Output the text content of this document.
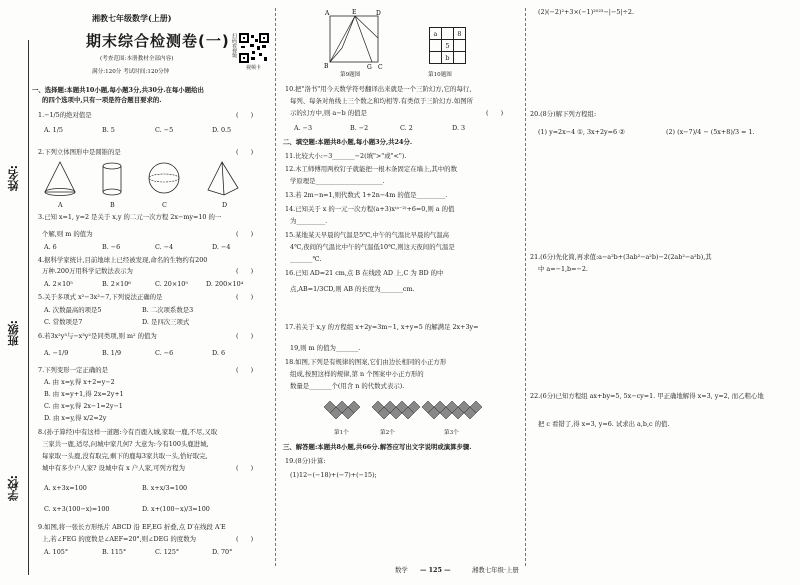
姓名:
班级:
学校:
湘教七年级数学(上册)
期末综合检测卷(一)
(考查范围:本册教材全部内容)
满分:120分 考试时间:120分钟
扫码看视频
视频卡
一、选择题:本题共10小题,每小题3分,共30分.在每小题给出
的四个选项中,只有一项是符合题目要求的.
1.−1/5的绝对值是	(      )
A. 1/5	B. 5	C. −5	D. 0.5
2.下列立体图形中是圆锥的是	(      )
A	B	C	D
3.已知 x=1, y=2 是关于 x,y 的二元一次方程 2x−my=10 的一
个解,则 m 的值为	(      )
A. 6	B. −6	C. −4	D. −4
4.据科学家统计,目前地球上已经被发现,命名的生物约有200
万种.200万用科学记数法表示为	(      )
A. 2×10⁵	B. 2×10⁶	C. 20×10⁵	D. 200×10⁴
5.关于多项式 x²−3x²−7,下列说法正确的是	(      )
A. 次数最高的项是5	B. 二次项系数是3
C. 常数项是7	D. 是四次三项式
6.若3x²y³与−x³y²是同类项,则 m² 的值为	(      )
A. −1/9	B. 1/9	C. −6	D. 6
7.下列变形一定正确的是	(      )
A. 由 x=y,得 x+2=y−2
B. 由 x=y+1,得 2x=2y+1
C. 由 x=y,得 2x−1=2y−1
D. 由 x=y,得 x/2=2y
8.(孙子算经)中有这样一道题:今有百鹿入城,家取一鹿,不尽,又取
三家共一鹿,适尽,问城中家几何? 大意为:今有100头鹿进城,
每家取一头鹿,没有取完,剩下的鹿每3家共取一头,恰好取完,
城中有多少户人家? 设城中有 x 户人家,可列方程为	(      )
A. x+3x=100	B. x+x/3=100
C. x+3(100−x)=100	D. x+(100−x)/3=100
9.如图,将一张长方形纸片 ABCD 沿 EF,EG 折叠,点 D′在线段 A′E
上,若∠FEG 的度数是∠AEF=20°,则∠DEG 的度数为	(      )
A. 105°	B. 115°	C. 125°	D. 70°
A	E	D
B	G C
第9题图
a		8
	5	
	b	
第10题图
10.把"洛书"用今天数学符号翻译出来就是一个三阶幻方,它的每行、
每列、每条对角线上三个数之和均相等.有类似于三阶幻方.如图所
示的幻方中,则 a−b 的值是	(      )
A. −3	B. −2	C. 2	D. 3
二、填空题:本题共8小题,每小题3分,共24分.
11.比较大小:−3_______−2(填">"或"<").
12.木工师傅用两枚钉子就能把一根木条固定在墙上,其中的数
学原理是_____________________.
13.若 2m−n=1,则代数式 1+2n−4m 的值是_________.
14.已知关于 x 的一元一次方程(a+3)x⁽ᵃ⁻²⁾+6=0,则 a 的值
为_________.
15.某地某天早晨的气温是5℃,中午的气温比早晨的气温高
4℃,夜间的气温比中午的气温低10℃,则这天夜间的气温是
_______℃.
16.已知 AD=21 cm,点 B 在线段 AD 上,C 为 BD 的中
点,AB=1/3CD,则 AB 的长度为_______cm.
17.若关于 x,y 的方程组 x+2y=3m−1, x+y=5 的解满足 2x+3y=
19,则 m 的值为_______.
18.如图,下列是有规律的图案,它们由边长相同的小正方形
组成,按照这样的规律,第 n 个图案中小正方形的
数量是_______个(用含 n 的代数式表示).
第1个	第2个	第3个
三、解答题:本题共8小题,共66分.解答应写出文字说明或演算步骤.
19.(8分)计算:
(1)12−(−18)+(−7)+(−15);
(2)(−2)²+3×(−1)²⁰²³−|−5|÷2.
20.(8分)解下列方程组:
(1) y=2x−4 ①, 3x+2y=6 ②	(2) (x−7)/4 − (5x+8)/3 = 1.
21.(6分)先化简,再求值:a−a²b+(3ab²−a²b)−2(2ab²−a²b),其
中 a=−1,b=−2.
22.(6分)已知方程组 ax+by=5, 5x−cy=1. 甲正确地解得 x=3, y=2, 而乙粗心地
把 c 看错了,得 x=3, y=6. 试求出 a,b,c 的值.
数学 — 125 —	湘教七年级·上册
